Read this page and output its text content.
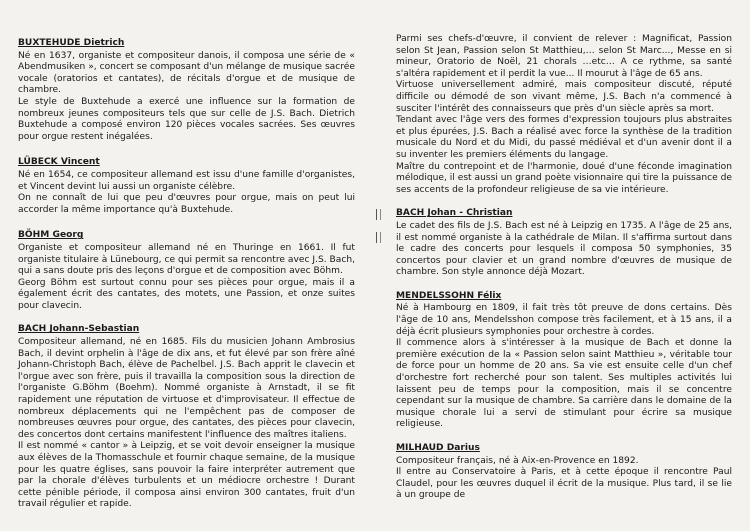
BUXTEHUDE Dietrich

Né en 1637, organiste et compositeur danois, il composa une série de « Abendmusiken », concert se composant d'un mélange de musique sacrée vocale (oratorios et cantates), de récitals d'orgue et de musique de chambre.

Le style de Buxtehude a exercé une influence sur la formation de nombreux jeunes compositeurs tels que sur celle de J.S. Bach. Dietrich Buxtehude a composé environ 120 pièces vocales sacrées. Ses œuvres pour orgue restent inégalées.

LÜBECK Vincent

Né en 1654, ce compositeur allemand est issu d'une famille d'organistes, et Vincent devint lui aussi un organiste célèbre.

On ne connaît de lui que peu d'œuvres pour orgue, mais on peut lui accorder la même importance qu'à Buxtehude.

BÖHM Georg

Organiste et compositeur allemand né en Thuringe en 1661. Il fut organiste titulaire à Lünebourg, ce qui permit sa rencontre avec J.S. Bach, qui a sans doute pris des leçons d'orgue et de composition avec Böhm.

Georg Böhm est surtout connu pour ses pièces pour orgue, mais il a également écrit des cantates, des motets, une Passion, et onze suites pour clavecin.

BACH Johann-Sebastian

Compositeur allemand, né en 1685. Fils du musicien Johann Ambrosius Bach, il devint orphelin à l'âge de dix ans, et fut élevé par son frère aîné Johann-Christoph Bach, élève de Pachelbel. J.S. Bach apprit le clavecin et l'orgue avec son frère, puis il travailla la composition sous la direction de l'organiste G.Böhm (Boehm). Nommé organiste à Arnstadt, il se fit rapidement une réputation de virtuose et d'improvisateur. Il effectue de nombreux déplacements qui ne l'empêchent pas de composer de nombreuses œuvres pour orgue, des cantates, des pièces pour clavecin, des concertos dont certains manifestent l'influence des maîtres italiens.

Il est nommé « cantor » à Leipzig, et se voit devoir enseigner la musique aux élèves de la Thomasschule et fournir chaque semaine, de la musique pour les quatre églises, sans pouvoir la faire interpréter autrement que par la chorale d'élèves turbulents et un médiocre orchestre ! Durant cette pénible période, il composa ainsi environ 300 cantates, fruit d'un travail régulier et rapide.

Parmi ses chefs-d'œuvre, il convient de relever : Magnificat, Passion selon St Jean, Passion selon St Matthieu,… selon St Marc..., Messe en si mineur, Oratorio de Noël, 21 chorals …etc… A ce rythme, sa santé s'altéra rapidement et il perdit la vue... Il mourut à l'âge de 65 ans.

Virtuose universellement admiré, mais compositeur discuté, réputé difficile ou démodé de son vivant même, J.S. Bach n'a commencé à susciter l'intérêt des connaisseurs que près d'un siècle après sa mort.

Tendant avec l'âge vers des formes d'expression toujours plus abstraites et plus épurées, J.S. Bach a réalisé avec force la synthèse de la tradition musicale du Nord et du Midi, du passé médiéval et d'un avenir dont il a su inventer les premiers éléments du langage.

Maître du contrepoint et de l'harmonie, doué d'une féconde imagination mélodique, il est aussi un grand poète visionnaire qui tire la puissance de ses accents de la profondeur religieuse de sa vie intérieure.

BACH Johan - Christian

Le cadet des fils de J.S. Bach est né à Leipzig en 1735. A l'âge de 25 ans, il est nommé organiste à la cathédrale de Milan. Il s'affirma surtout dans le cadre des concerts pour lesquels il composa 50 symphonies, 35 concertos pour clavier et un grand nombre d'œuvres de musique de chambre. Son style annonce déjà Mozart.

MENDELSSOHN Félix

Né à Hambourg en 1809, il fait très tôt preuve de dons certains. Dès l'âge de 10 ans, Mendelsshon compose très facilement, et à 15 ans, il a déjà écrit plusieurs symphonies pour orchestre à cordes.

Il commence alors à s'intéresser à la musique de Bach et donne la première exécution de la « Passion selon saint Matthieu », véritable tour de force pour un homme de 20 ans. Sa vie est ensuite celle d'un chef d'orchestre fort recherché pour son talent. Ses multiples activités lui laissent peu de temps pour la composition, mais il se concentre cependant sur la musique de chambre. Sa carrière dans le domaine de la musique chorale lui a servi de stimulant pour écrire sa musique religieuse.

MILHAUD Darius

Compositeur français, né à Aix-en-Provence en 1892.

Il entre au Conservatoire à Paris, et à cette époque il rencontre Paul Claudel, pour les œuvres duquel il écrit de la musique. Plus tard, il se lie à un groupe de
